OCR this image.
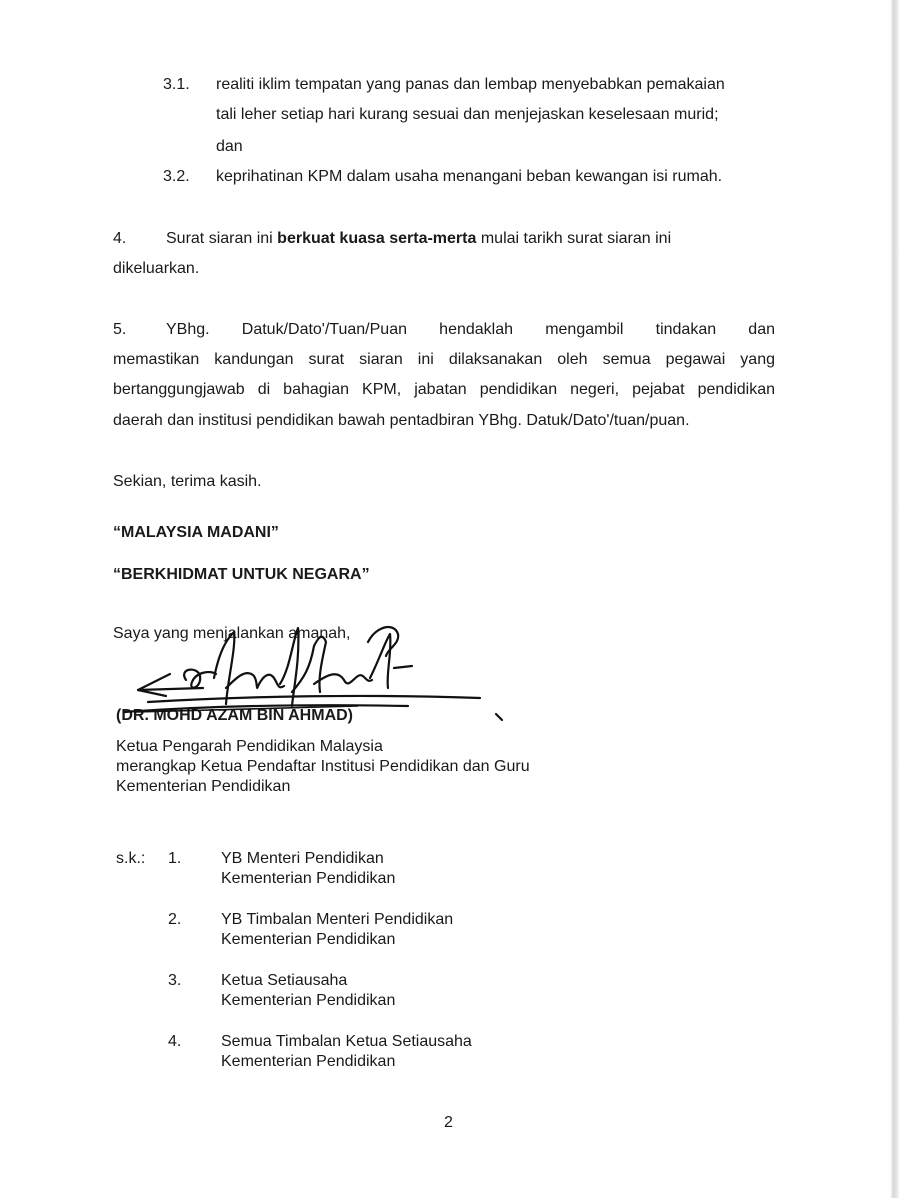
3.1. realiti iklim tempatan yang panas dan lembap menyebabkan pemakaian
tali leher setiap hari kurang sesuai dan menjejaskan keselesaan murid;
dan
3.2. keprihatinan KPM dalam usaha menangani beban kewangan isi rumah.
4. Surat siaran ini berkuat kuasa serta-merta mulai tarikh surat siaran ini
dikeluarkan.
5. YBhg. Datuk/Dato'/Tuan/Puan hendaklah mengambil tindakan dan
memastikan kandungan surat siaran ini dilaksanakan oleh semua pegawai yang
bertanggungjawab di bahagian KPM, jabatan pendidikan negeri, pejabat pendidikan
daerah dan institusi pendidikan bawah pentadbiran YBhg. Datuk/Dato'/tuan/puan.
Sekian, terima kasih.
“MALAYSIA MADANI”
“BERKHIDMAT UNTUK NEGARA”
Saya yang menjalankan amanah,
(DR. MOHD AZAM BIN AHMAD)
Ketua Pengarah Pendidikan Malaysia
merangkap Ketua Pendaftar Institusi Pendidikan dan Guru
Kementerian Pendidikan
s.k.: 1. YB Menteri Pendidikan
Kementerian Pendidikan
2. YB Timbalan Menteri Pendidikan
Kementerian Pendidikan
3. Ketua Setiausaha
Kementerian Pendidikan
4. Semua Timbalan Ketua Setiausaha
Kementerian Pendidikan
2
